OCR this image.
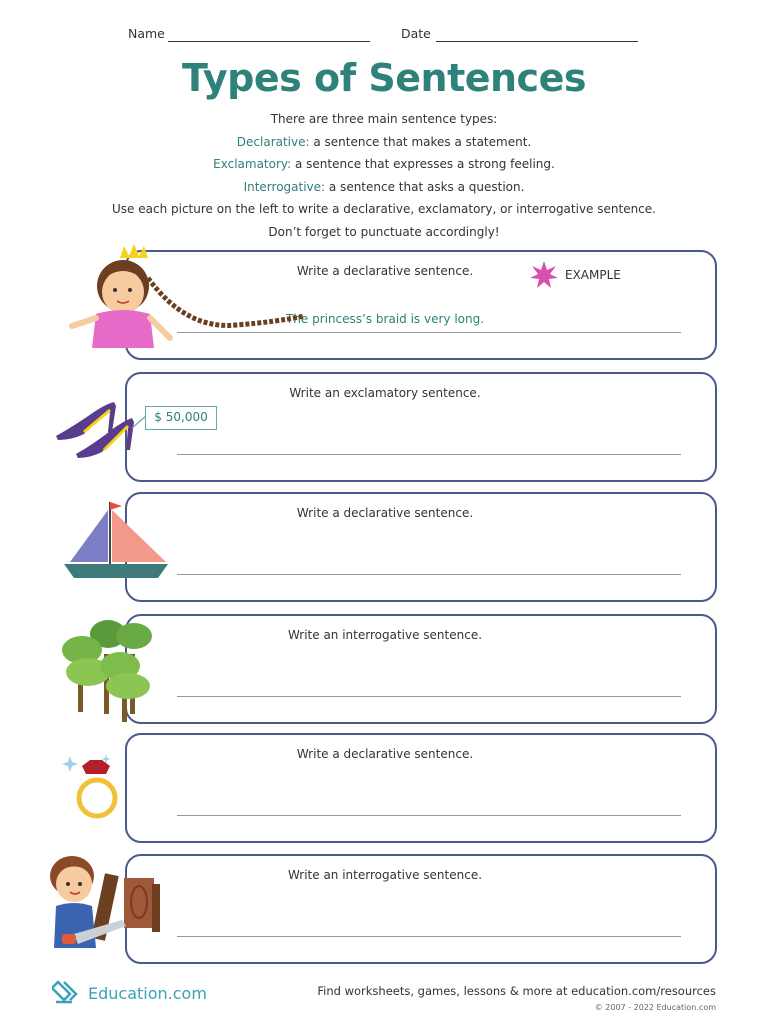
Name	Date
Types of Sentences

There are three main sentence types:

Declarative: a sentence that makes a statement.

Exclamatory: a sentence that expresses a strong feeling.

Interrogative: a sentence that asks a question.

Use each picture on the left to write a declarative, exclamatory, or interrogative sentence.

Don’t forget to punctuate accordingly!

Write a declarative sentence.	EXAMPLE
The princess’s braid is very long.
Write an exclamatory sentence.
Write a declarative sentence.
Write an interrogative sentence.
Write a declarative sentence.
Write an interrogative sentence.
$ 50,000
Education.com	Find worksheets, games, lessons & more at education.com/resources
© 2007 - 2022 Education.com
